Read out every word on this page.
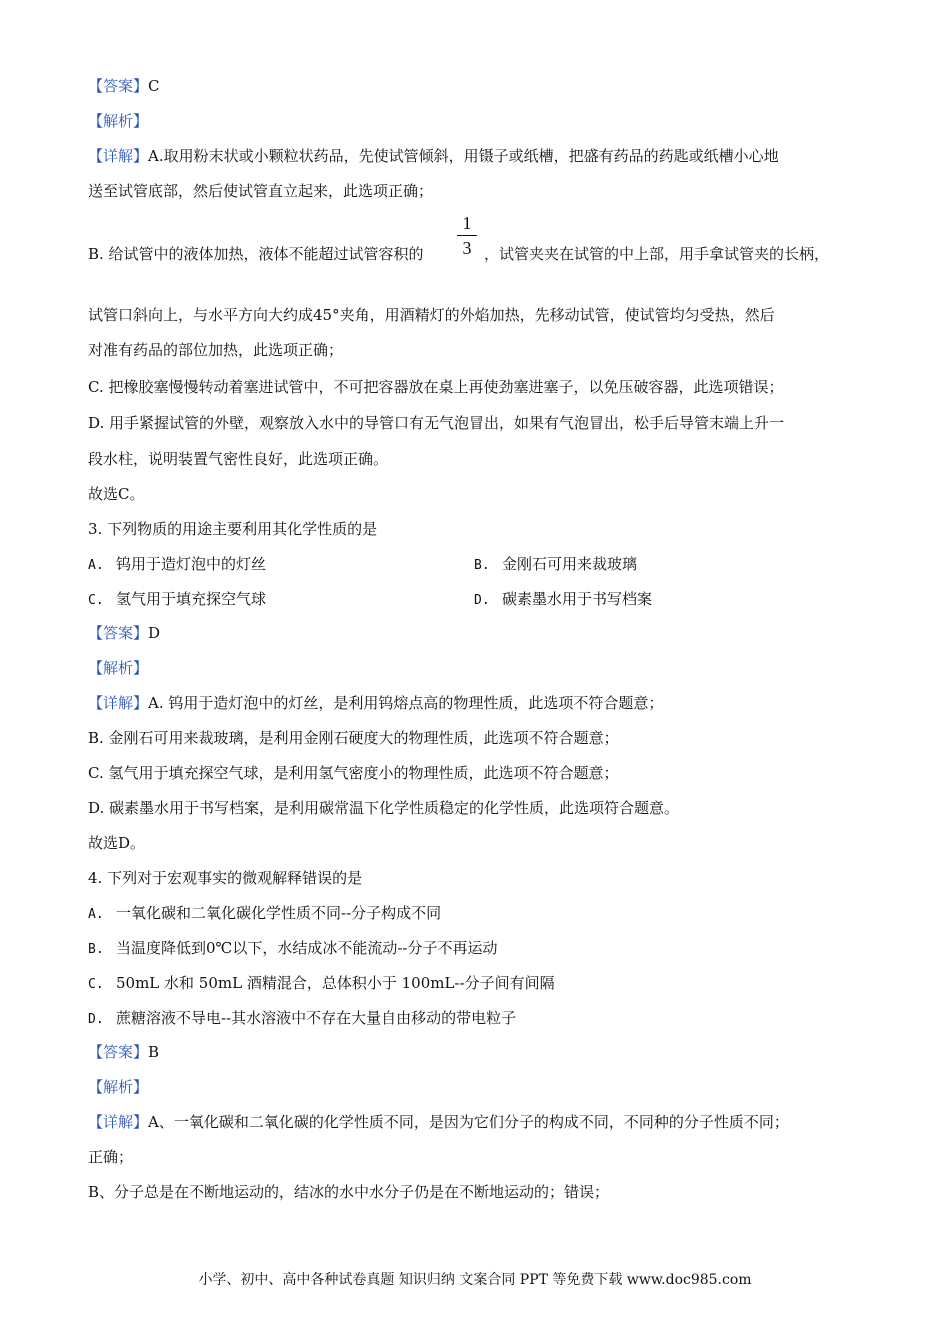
【答案】C
【解析】
【详解】A.取用粉末状或小颗粒状药品，先使试管倾斜，用镊子或纸槽，把盛有药品的药匙或纸槽小心地
送至试管底部，然后使试管直立起来，此选项正确；
B. 给试管中的液体加热，液体不能超过试管容积的
1
3 ，试管夹夹在试管的中上部，用手拿试管夹的长柄，
试管口斜向上，与水平方向大约成45°夹角，用酒精灯的外焰加热，先移动试管，使试管均匀受热，然后
对准有药品的部位加热，此选项正确；
C. 把橡胶塞慢慢转动着塞进试管中，不可把容器放在桌上再使劲塞进塞子，以免压破容器，此选项错误；
D. 用手紧握试管的外壁，观察放入水中的导管口有无气泡冒出，如果有气泡冒出，松手后导管末端上升一
段水柱，说明装置气密性良好，此选项正确。
故选C。
3. 下列物质的用途主要利用其化学性质的是
A. 钨用于造灯泡中的灯丝	B. 金刚石可用来裁玻璃
C. 氢气用于填充探空气球	D. 碳素墨水用于书写档案
【答案】D
【解析】
【详解】A. 钨用于造灯泡中的灯丝，是利用钨熔点高的物理性质，此选项不符合题意；
B. 金刚石可用来裁玻璃，是利用金刚石硬度大的物理性质，此选项不符合题意；
C. 氢气用于填充探空气球，是利用氢气密度小的物理性质，此选项不符合题意；
D. 碳素墨水用于书写档案，是利用碳常温下化学性质稳定的化学性质，此选项符合题意。
故选D。
4. 下列对于宏观事实的微观解释错误的是
A. 一氧化碳和二氧化碳化学性质不同--分子构成不同
B. 当温度降低到0℃以下，水结成冰不能流动--分子不再运动
C. 50mL 水和 50mL 酒精混合，总体积小于 100mL--分子间有间隔
D. 蔗糖溶液不导电--其水溶液中不存在大量自由移动的带电粒子
【答案】B
【解析】
【详解】A、一氧化碳和二氧化碳的化学性质不同，是因为它们分子的构成不同，不同种的分子性质不同；
正确；
B、分子总是在不断地运动的，结冰的水中水分子仍是在不断地运动的；错误；
小学、初中、高中各种试卷真题 知识归纳 文案合同 PPT 等免费下载 www.doc985.com
